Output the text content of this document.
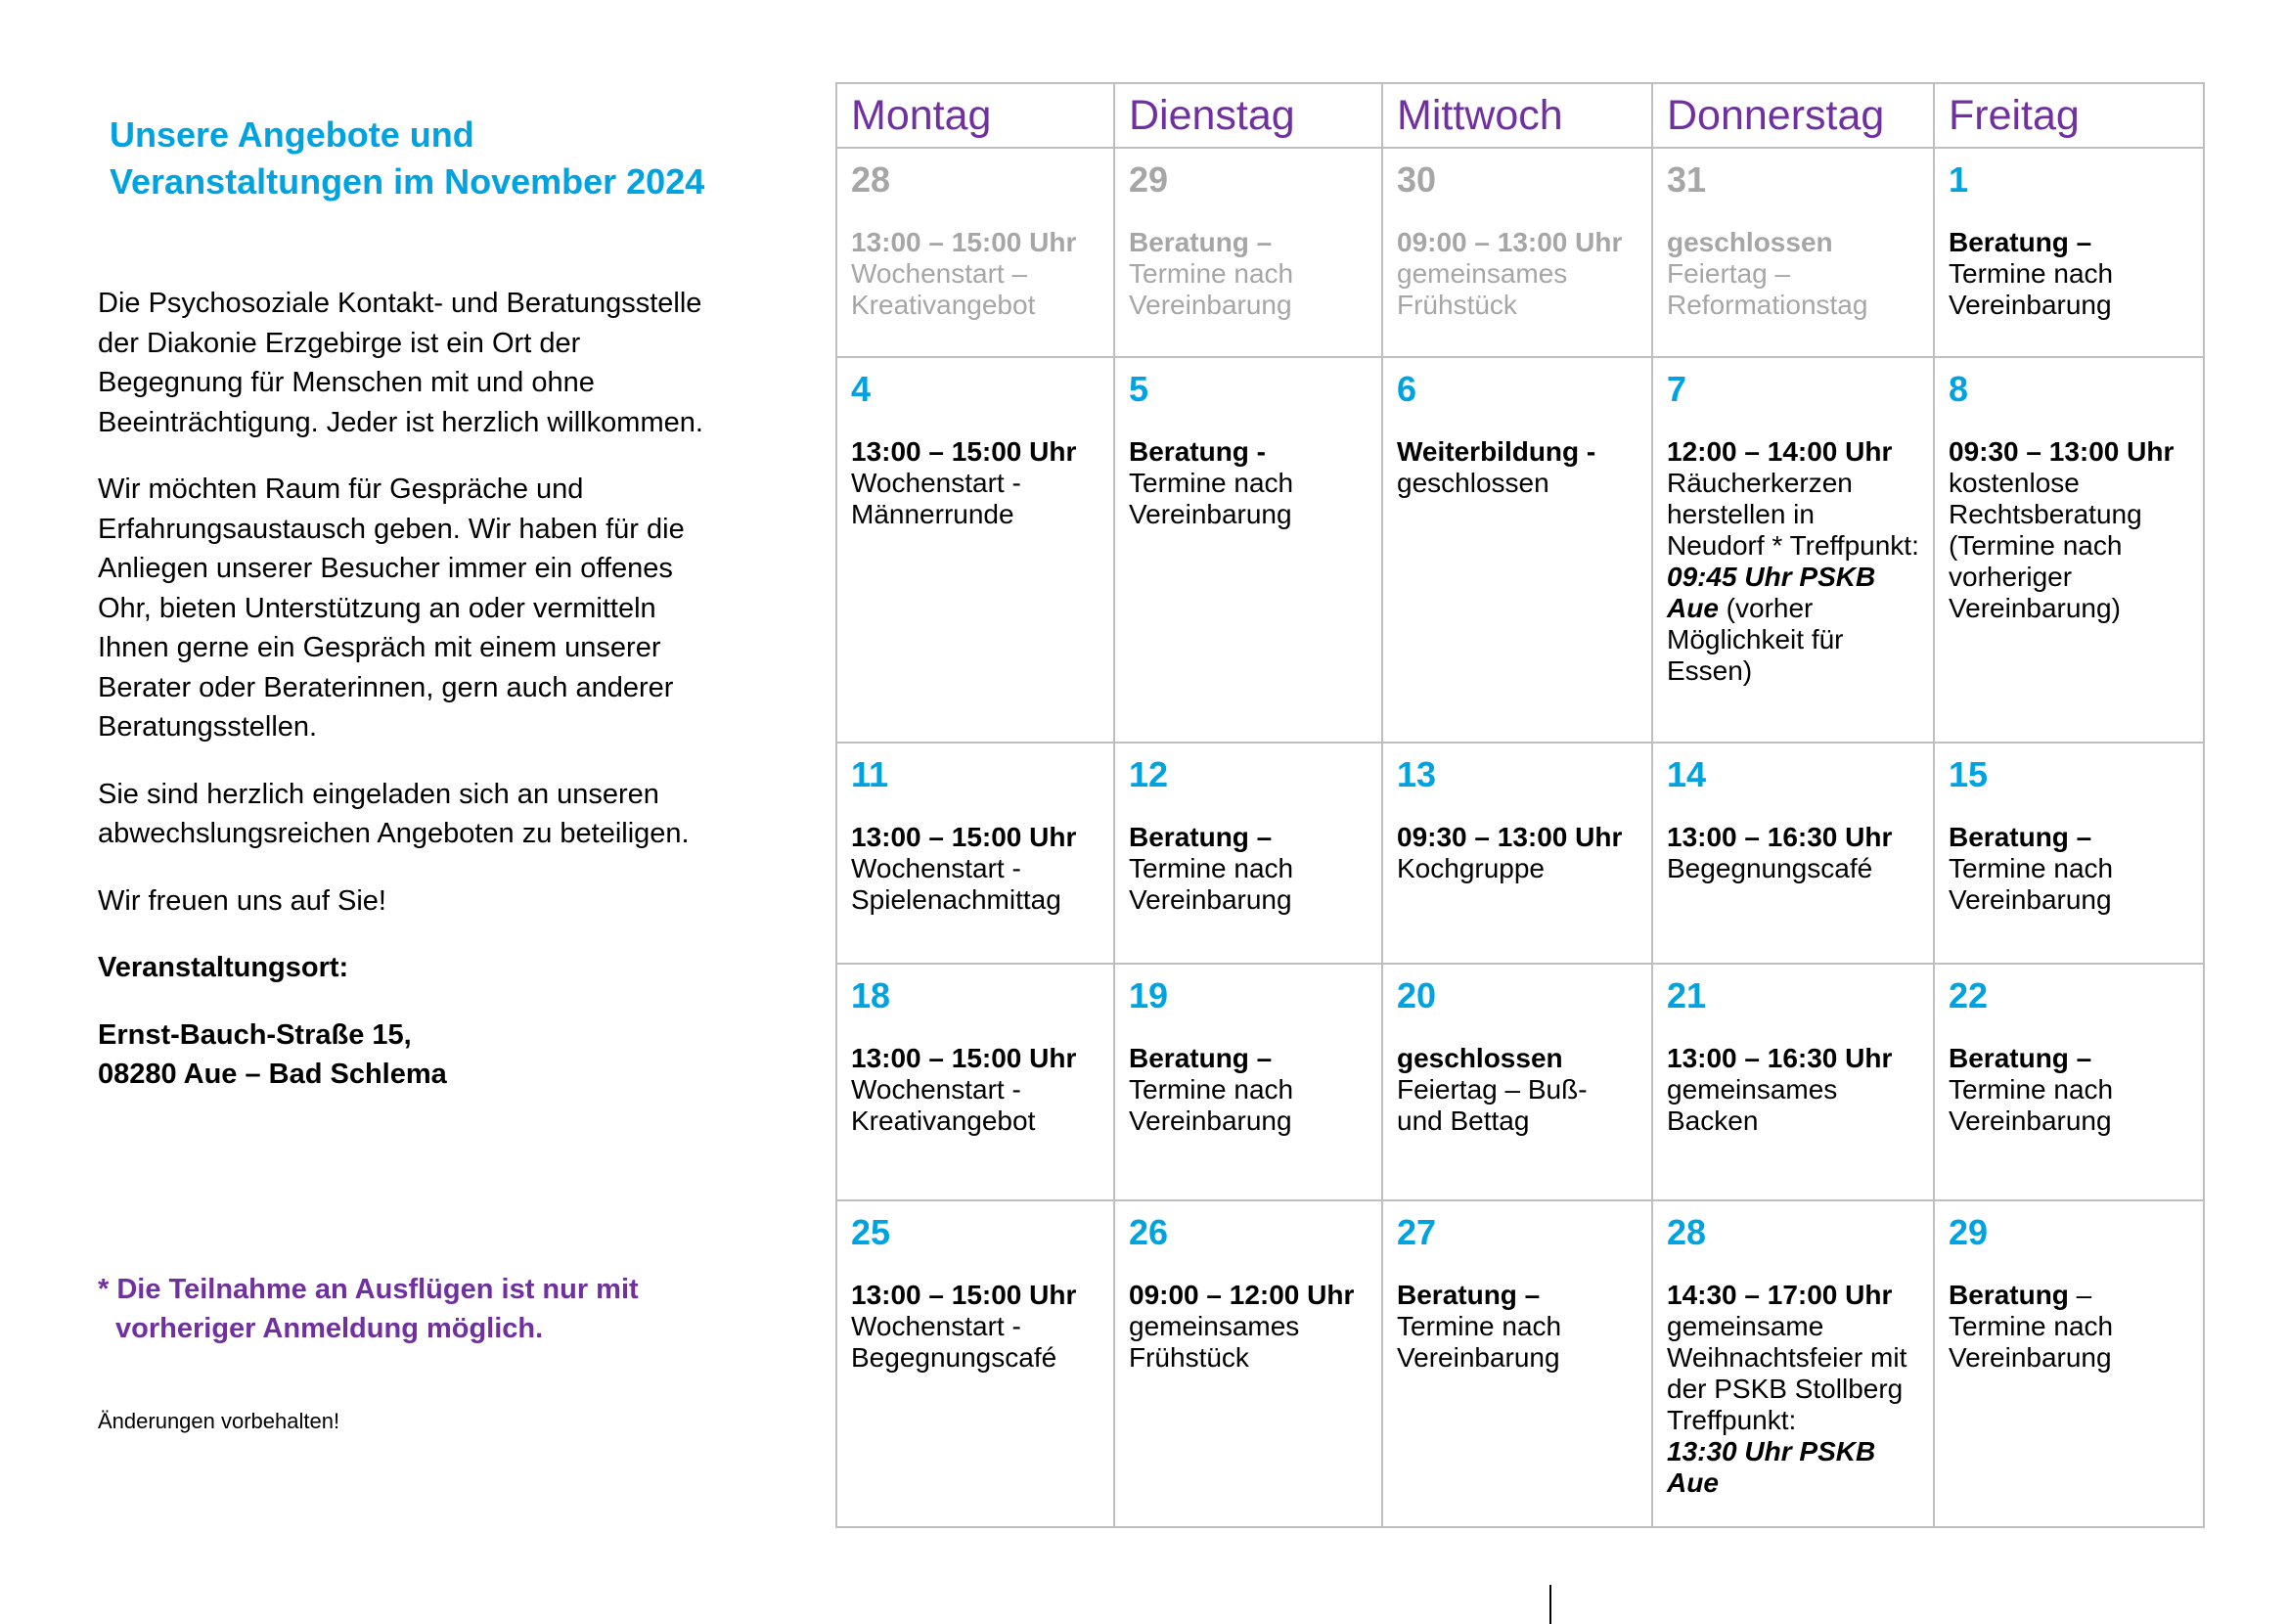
Unsere Angebote und
Veranstaltungen im November 2024

Die Psychosoziale Kontakt- und Beratungsstelle der Diakonie Erzgebirge ist ein Ort der Begegnung für Menschen mit und ohne Beeinträchtigung. Jeder ist herzlich willkommen.

Wir möchten Raum für Gespräche und Erfahrungsaustausch geben. Wir haben für die Anliegen unserer Besucher immer ein offenes Ohr, bieten Unterstützung an oder vermitteln Ihnen gerne ein Gespräch mit einem unserer Berater oder Beraterinnen, gern auch anderer Beratungsstellen.

Sie sind herzlich eingeladen sich an unseren abwechslungsreichen Angeboten zu beteiligen.

Wir freuen uns auf Sie!

Veranstaltungsort:

Ernst-Bauch-Straße 15,
08280 Aue – Bad Schlema

* Die Teilnahme an Ausflügen ist nur mit
vorheriger Anmeldung möglich.
Änderungen vorbehalten!
Montag	Dienstag	Mittwoch	Donnerstag	Freitag

28
13:00 – 15:00 Uhr
Wochenstart – Kreativangebot	29
Beratung –
Termine nach Vereinbarung	30
09:00 – 13:00 Uhr
gemeinsames Frühstück	31
geschlossen
Feiertag – Reformationstag	1
Beratung –
Termine nach Vereinbarung

4
13:00 – 15:00 Uhr
Wochenstart - Männerrunde	5
Beratung -
Termine nach Vereinbarung	6
Weiterbildung -
geschlossen	7
12:00 – 14:00 Uhr
Räucherkerzen herstellen in Neudorf * Treffpunkt:
09:45 Uhr PSKB Aue (vorher Möglichkeit für Essen)	8
09:30 – 13:00 Uhr
kostenlose Rechtsberatung (Termine nach vorheriger Vereinbarung)

11
13:00 – 15:00 Uhr
Wochenstart - Spielenachmittag	12
Beratung –
Termine nach Vereinbarung	13
09:30 – 13:00 Uhr
Kochgruppe	14
13:00 – 16:30 Uhr
Begegnungscafé	15
Beratung –
Termine nach Vereinbarung

18
13:00 – 15:00 Uhr
Wochenstart - Kreativangebot	19
Beratung –
Termine nach Vereinbarung	20
geschlossen
Feiertag – Buß- und Bettag	21
13:00 – 16:30 Uhr
gemeinsames Backen	22
Beratung –
Termine nach Vereinbarung

25
13:00 – 15:00 Uhr
Wochenstart - Begegnungscafé	26
09:00 – 12:00 Uhr
gemeinsames Frühstück	27
Beratung –
Termine nach Vereinbarung	28
14:30 – 17:00 Uhr
gemeinsame Weihnachtsfeier mit der PSKB Stollberg Treffpunkt:
13:30 Uhr PSKB Aue	29
Beratung –
Termine nach Vereinbarung
